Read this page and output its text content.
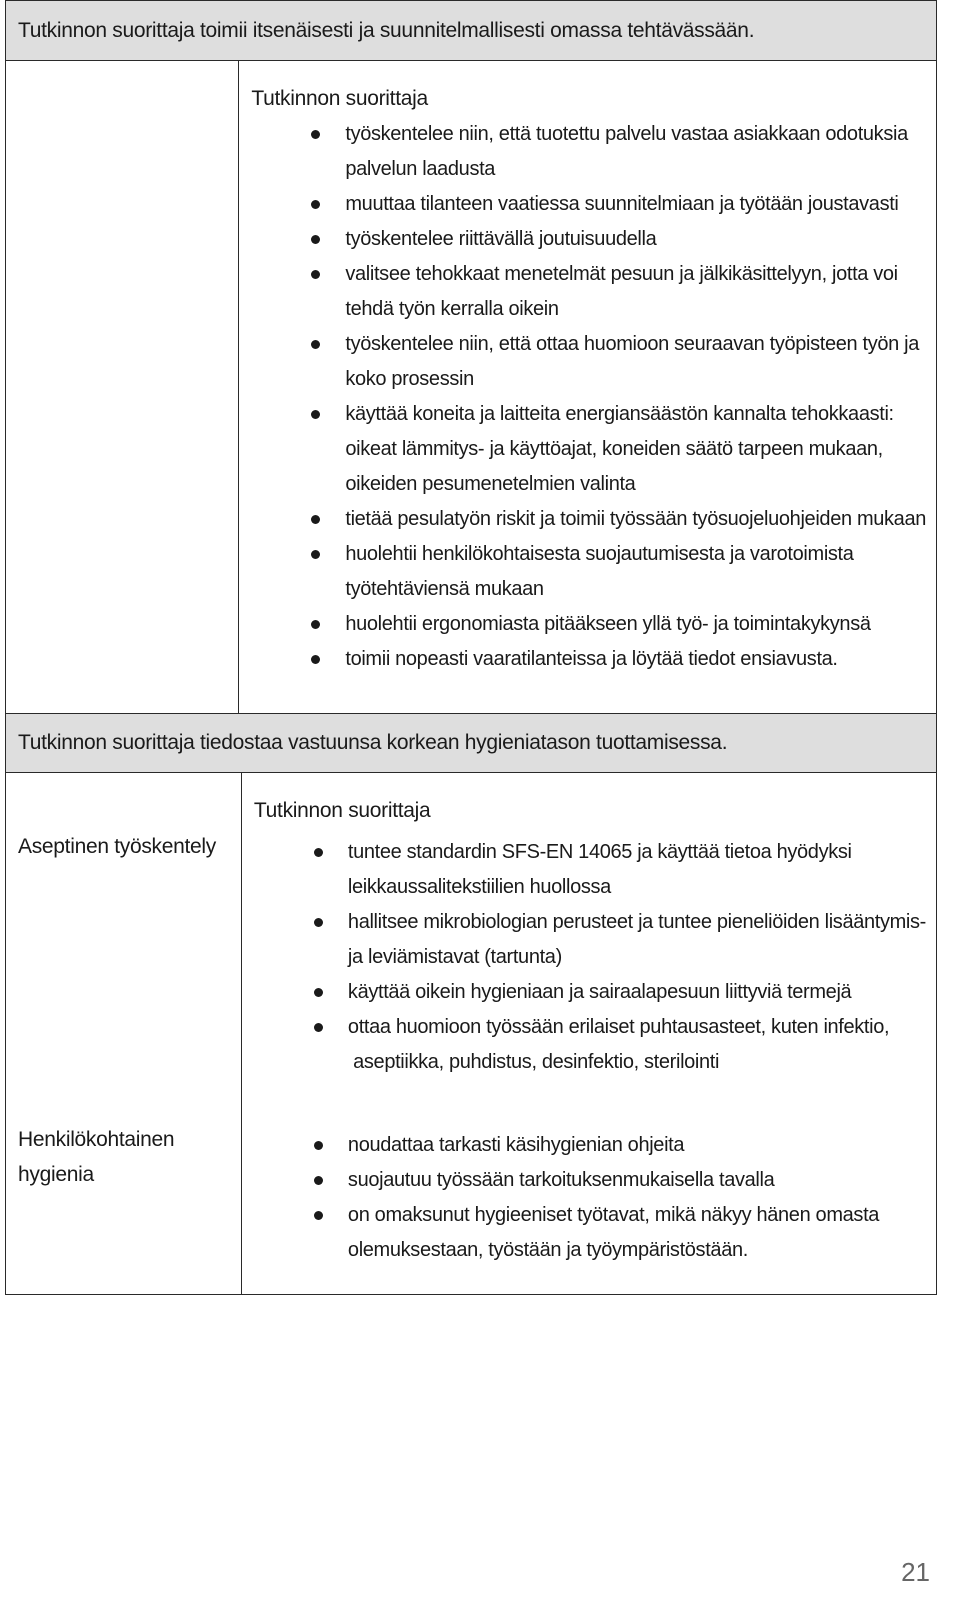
Tutkinnon suorittaja toimii itsenäisesti ja suunnitelmallisesti omassa tehtävässään.
Tutkinnon suorittaja
työskentelee niin, että tuotettu palvelu vastaa asiakkaan odotuksia
palvelun laadusta
muuttaa tilanteen vaatiessa suunnitelmiaan ja työtään joustavasti
työskentelee riittävällä joutuisuudella
valitsee tehokkaat menetelmät pesuun ja jälkikäsittelyyn, jotta voi
tehdä työn kerralla oikein
työskentelee niin, että ottaa huomioon seuraavan työpisteen työn ja
koko prosessin
käyttää koneita ja laitteita energiansäästön kannalta tehokkaasti:
oikeat lämmitys- ja käyttöajat, koneiden säätö tarpeen mukaan,
oikeiden pesumenetelmien valinta
tietää pesulatyön riskit ja toimii työssään työsuojeluohjeiden mukaan
huolehtii henkilökohtaisesta suojautumisesta ja varotoimista
työtehtäviensä mukaan
huolehtii ergonomiasta pitääkseen yllä työ- ja toimintakykynsä
toimii nopeasti vaaratilanteissa ja löytää tiedot ensiavusta.
Tutkinnon suorittaja tiedostaa vastuunsa korkean hygieniatason tuottamisessa.
Aseptinen työskentely
Henkilökohtainen
hygienia
Tutkinnon suorittaja
tuntee standardin SFS-EN 14065 ja käyttää tietoa hyödyksi
leikkaussalitekstiilien huollossa
hallitsee mikrobiologian perusteet ja tuntee pieneliöiden lisääntymis-
ja leviämistavat (tartunta)
käyttää oikein hygieniaan ja sairaalapesuun liittyviä termejä
ottaa huomioon työssään erilaiset puhtausasteet, kuten infektio,
aseptiikka, puhdistus, desinfektio, sterilointi
noudattaa tarkasti käsihygienian ohjeita
suojautuu työssään tarkoituksenmukaisella tavalla
on omaksunut hygieeniset työtavat, mikä näkyy hänen omasta
olemuksestaan, työstään ja työympäristöstään.
21
